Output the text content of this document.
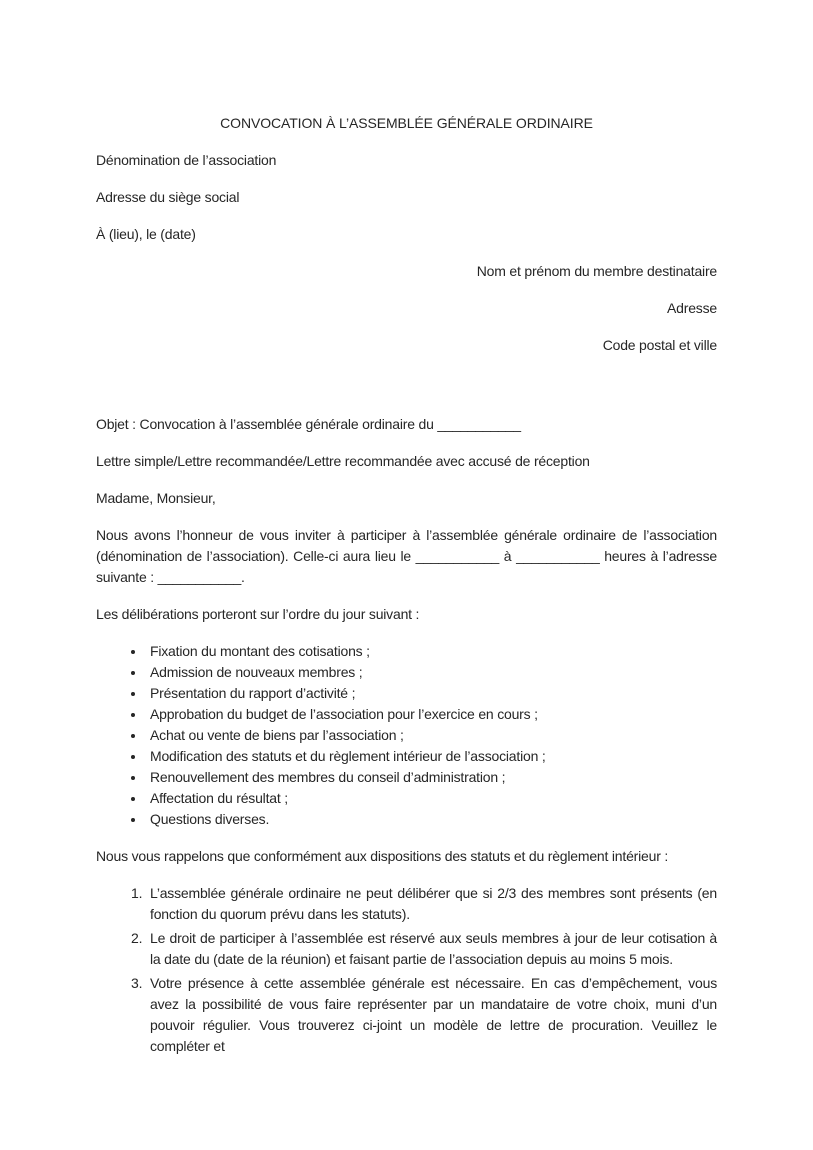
CONVOCATION À L’ASSEMBLÉE GÉNÉRALE ORDINAIRE

Dénomination de l’association

Adresse du siège social

À (lieu), le (date)

Nom et prénom du membre destinataire

Adresse

Code postal et ville

Objet : Convocation à l’assemblée générale ordinaire du ___________

Lettre simple/Lettre recommandée/Lettre recommandée avec accusé de réception

Madame, Monsieur,

Nous avons l’honneur de vous inviter à participer à l’assemblée générale ordinaire de l’association (dénomination de l’association). Celle-ci aura lieu le ___________ à ___________ heures à l’adresse suivante : ___________.

Les délibérations porteront sur l’ordre du jour suivant :

• Fixation du montant des cotisations ;
• Admission de nouveaux membres ;
• Présentation du rapport d’activité ;
• Approbation du budget de l’association pour l’exercice en cours ;
• Achat ou vente de biens par l’association ;
• Modification des statuts et du règlement intérieur de l’association ;
• Renouvellement des membres du conseil d’administration ;
• Affectation du résultat ;
• Questions diverses.

Nous vous rappelons que conformément aux dispositions des statuts et du règlement intérieur :

1. L’assemblée générale ordinaire ne peut délibérer que si 2/3 des membres sont présents (en fonction du quorum prévu dans les statuts).
2. Le droit de participer à l’assemblée est réservé aux seuls membres à jour de leur cotisation à la date du (date de la réunion) et faisant partie de l’association depuis au moins 5 mois.
3. Votre présence à cette assemblée générale est nécessaire. En cas d’empêchement, vous avez la possibilité de vous faire représenter par un mandataire de votre choix, muni d’un pouvoir régulier. Vous trouverez ci-joint un modèle de lettre de procuration. Veuillez le compléter et
